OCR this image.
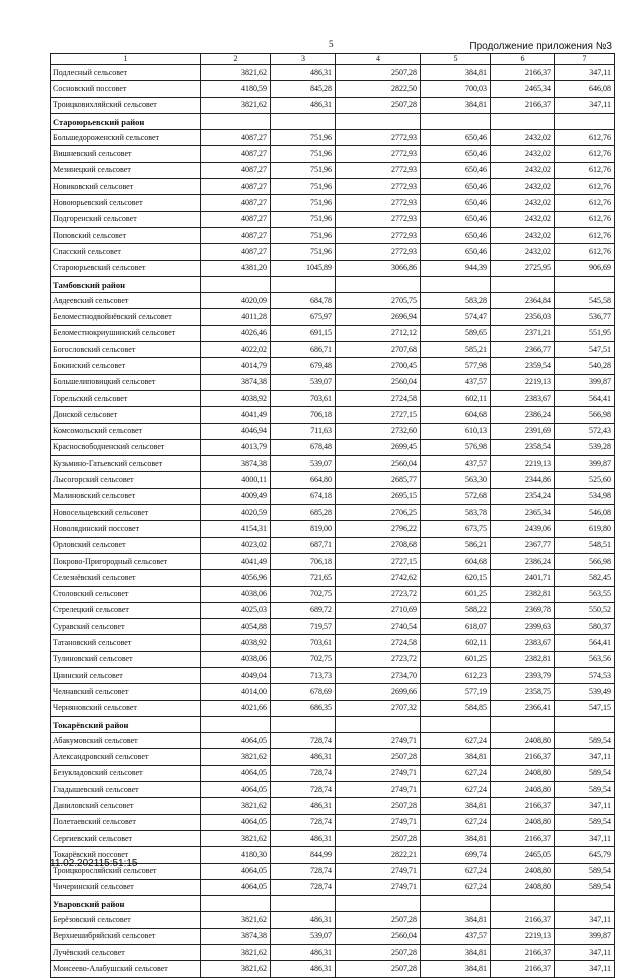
5	Продолжение приложения №3
1	2	3	4	5	6	7
Подлесный сельсовет	3821,62	486,31	2507,28	384,81	2166,37	347,11
Сосновский поссовет	4180,59	845,28	2822,50	700,03	2465,34	646,08
Троицковихляйский сельсовет	3821,62	486,31	2507,28	384,81	2166,37	347,11
Староюрьевский район						
Большедороженский сельсовет	4087,27	751,96	2772,93	650,46	2432,02	612,76
Вишневский сельсовет	4087,27	751,96	2772,93	650,46	2432,02	612,76
Мезинецкий сельсовет	4087,27	751,96	2772,93	650,46	2432,02	612,76
Новиковский сельсовет	4087,27	751,96	2772,93	650,46	2432,02	612,76
Новоюрьевский сельсовет	4087,27	751,96	2772,93	650,46	2432,02	612,76
Подгоренский сельсовет	4087,27	751,96	2772,93	650,46	2432,02	612,76
Поповский сельсовет	4087,27	751,96	2772,93	650,46	2432,02	612,76
Спасский сельсовет	4087,27	751,96	2772,93	650,46	2432,02	612,76
Староюрьевский сельсовет	4381,20	1045,89	3066,86	944,39	2725,95	906,69
Тамбовский район						
Авдеевский сельсовет	4020,09	684,78	2705,75	583,28	2364,84	545,58
Беломестнодвойнёвский сельсовет	4011,28	675,97	2696,94	574,47	2356,03	536,77
Беломестнокриушинский сельсовет	4026,46	691,15	2712,12	589,65	2371,21	551,95
Богословский сельсовет	4022,02	686,71	2707,68	585,21	2366,77	547,51
Бокинский сельсовет	4014,79	679,48	2700,45	577,98	2359,54	540,28
Большелиповицкий сельсовет	3874,38	539,07	2560,04	437,57	2219,13	399,87
Горельский сельсовет	4038,92	703,61	2724,58	602,11	2383,67	564,41
Донской сельсовет	4041,49	706,18	2727,15	604,68	2386,24	566,98
Комсомольский сельсовет	4046,94	711,63	2732,60	610,13	2391,69	572,43
Красносвободненский сельсовет	4013,79	678,48	2699,45	576,98	2358,54	539,28
Кузьмино-Гатьевский сельсовет	3874,38	539,07	2560,04	437,57	2219,13	399,87
Лысогорский сельсовет	4000,11	664,80	2685,77	563,30	2344,86	525,60
Малиновский сельсовет	4009,49	674,18	2695,15	572,68	2354,24	534,98
Новосельцевский сельсовет	4020,59	685,28	2706,25	583,78	2365,34	546,08
Новолядинский поссовет	4154,31	819,00	2796,22	673,75	2439,06	619,80
Орловский сельсовет	4023,02	687,71	2708,68	586,21	2367,77	548,51
Покрово-Пригородный сельсовет	4041,49	706,18	2727,15	604,68	2386,24	566,98
Селезнёвский сельсовет	4056,96	721,65	2742,62	620,15	2401,71	582,45
Столовский сельсовет	4038,06	702,75	2723,72	601,25	2382,81	563,55
Стрелецкий сельсовет	4025,03	689,72	2710,69	588,22	2369,78	550,52
Суравский сельсовет	4054,88	719,57	2740,54	618,07	2399,63	580,37
Татановский сельсовет	4038,92	703,61	2724,58	602,11	2383,67	564,41
Тулиновский сельсовет	4038,06	702,75	2723,72	601,25	2382,81	563,56
Цнинский сельсовет	4049,04	713,73	2734,70	612,23	2393,79	574,53
Челнавский сельсовет	4014,00	678,69	2699,66	577,19	2358,75	539,49
Черняновский сельсовет	4021,66	686,35	2707,32	584,85	2366,41	547,15
Токарёвский район						
Абакумовский сельсовет	4064,05	728,74	2749,71	627,24	2408,80	589,54
Александровский сельсовет	3821,62	486,31	2507,28	384,81	2166,37	347,11
Безукладовский сельсовет	4064,05	728,74	2749,71	627,24	2408,80	589,54
Гладышевский сельсовет	4064,05	728,74	2749,71	627,24	2408,80	589,54
Даниловский сельсовет	3821,62	486,31	2507,28	384,81	2166,37	347,11
Полетаевский сельсовет	4064,05	728,74	2749,71	627,24	2408,80	589,54
Сергиевский сельсовет	3821,62	486,31	2507,28	384,81	2166,37	347,11
Токарёвский поссовет	4180,30	844,99	2822,21	699,74	2465,05	645,79
Троицкоросляйский сельсовет	4064,05	728,74	2749,71	627,24	2408,80	589,54
Чичеринский сельсовет	4064,05	728,74	2749,71	627,24	2408,80	589,54
Уваровский район						
Берёзовский сельсовет	3821,62	486,31	2507,28	384,81	2166,37	347,11
Верхнешибряйский сельсовет	3874,38	539,07	2560,04	437,57	2219,13	399,87
Лучёвский сельсовет	3821,62	486,31	2507,28	384,81	2166,37	347,11
Моисеево-Алабушский сельсовет	3821,62	486,31	2507,28	384,81	2166,37	347,11
11.02.202115:51:15
